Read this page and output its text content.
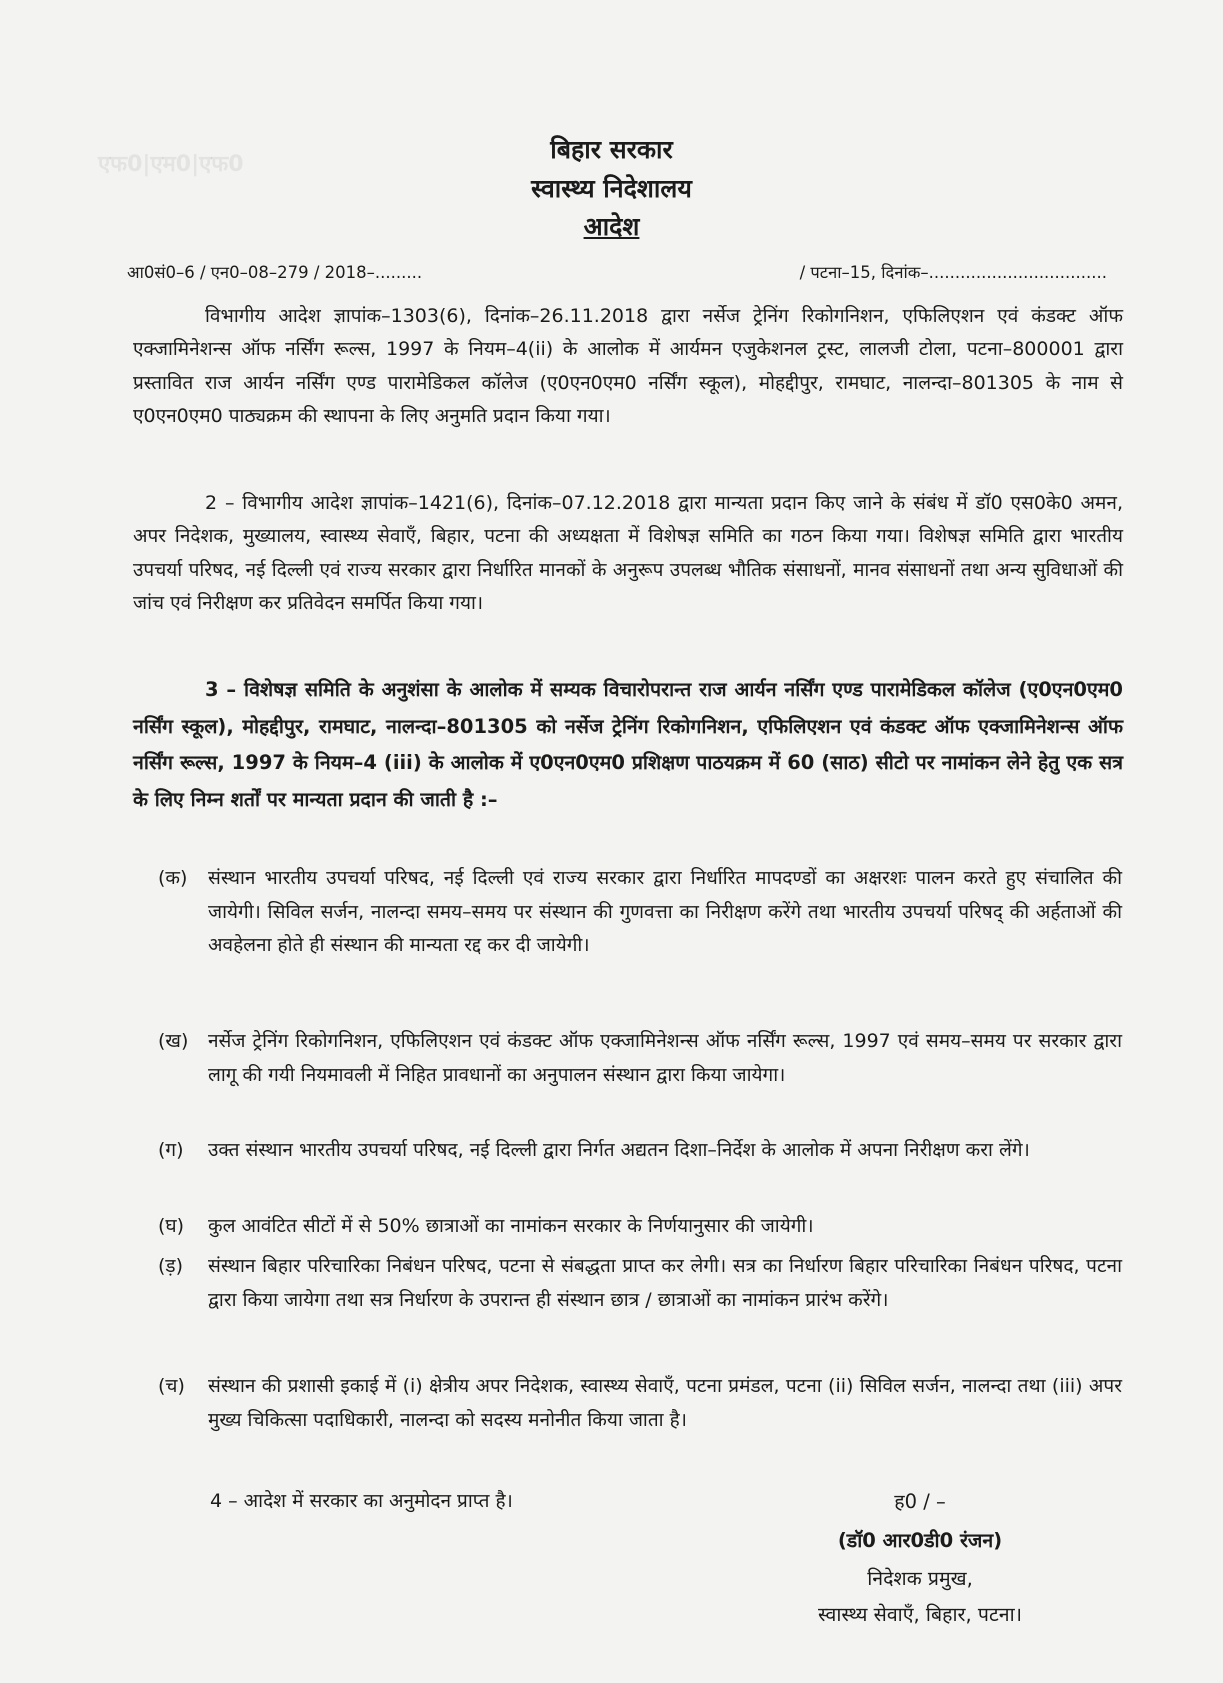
एफ0|एम0|एफ0
बिहार सरकार
स्वास्थ्य निदेशालय
आदेश
आ0सं0–6 / एन0–08–279 / 2018–.........	/ पटना–15, दिनांक–..................................
विभागीय आदेश ज्ञापांक–1303(6), दिनांक–26.11.2018 द्वारा नर्सेज ट्रेनिंग रिकोगनिशन, एफिलिएशन एवं कंडक्ट ऑफ एक्जामिनेशन्स ऑफ नर्सिंग रूल्स, 1997 के नियम–4(ii) के आलोक में आर्यमन एजुकेशनल ट्रस्ट, लालजी टोला, पटना–800001 द्वारा प्रस्तावित राज आर्यन नर्सिंग एण्ड पारामेडिकल कॉलेज (ए0एन0एम0 नर्सिंग स्कूल), मोहद्दीपुर, रामघाट, नालन्दा–801305 के नाम से ए0एन0एम0 पाठ्यक्रम की स्थापना के लिए अनुमति प्रदान किया गया।
2 – विभागीय आदेश ज्ञापांक–1421(6), दिनांक–07.12.2018 द्वारा मान्यता प्रदान किए जाने के संबंध में डॉ0 एस0के0 अमन, अपर निदेशक, मुख्यालय, स्वास्थ्य सेवाएँ, बिहार, पटना की अध्यक्षता में विशेषज्ञ समिति का गठन किया गया। विशेषज्ञ समिति द्वारा भारतीय उपचर्या परिषद, नई दिल्ली एवं राज्य सरकार द्वारा निर्धारित मानकों के अनुरूप उपलब्ध भौतिक संसाधनों, मानव संसाधनों तथा अन्य सुविधाओं की जांच एवं निरीक्षण कर प्रतिवेदन समर्पित किया गया।
3 – विशेषज्ञ समिति के अनुशंसा के आलोक में सम्यक विचारोपरान्त राज आर्यन नर्सिंग एण्ड पारामेडिकल कॉलेज (ए0एन0एम0 नर्सिंग स्कूल), मोहद्दीपुर, रामघाट, नालन्दा–801305 को नर्सेज ट्रेनिंग रिकोगनिशन, एफिलिएशन एवं कंडक्ट ऑफ एक्जामिनेशन्स ऑफ नर्सिंग रूल्स, 1997 के नियम–4 (iii) के आलोक में ए0एन0एम0 प्रशिक्षण पाठयक्रम में 60 (साठ) सीटो पर नामांकन लेने हेतु एक सत्र के लिए निम्न शर्तों पर मान्यता प्रदान की जाती है :–
(क)	संस्थान भारतीय उपचर्या परिषद, नई दिल्ली एवं राज्य सरकार द्वारा निर्धारित मापदण्डों का अक्षरशः पालन करते हुए संचालित की जायेगी। सिविल सर्जन, नालन्दा समय–समय पर संस्थान की गुणवत्ता का निरीक्षण करेंगे तथा भारतीय उपचर्या परिषद् की अर्हताओं की अवहेलना होते ही संस्थान की मान्यता रद्द कर दी जायेगी।
(ख)	नर्सेज ट्रेनिंग रिकोगनिशन, एफिलिएशन एवं कंडक्ट ऑफ एक्जामिनेशन्स ऑफ नर्सिंग रूल्स, 1997 एवं समय–समय पर सरकार द्वारा लागू की गयी नियमावली में निहित प्रावधानों का अनुपालन संस्थान द्वारा किया जायेगा।
(ग)	उक्त संस्थान भारतीय उपचर्या परिषद, नई दिल्ली द्वारा निर्गत अद्यतन दिशा–निर्देश के आलोक में अपना निरीक्षण करा लेंगे।
(घ)	कुल आवंटित सीटों में से 50% छात्राओं का नामांकन सरकार के निर्णयानुसार की जायेगी।
(ड़)	संस्थान बिहार परिचारिका निबंधन परिषद, पटना से संबद्धता प्राप्त कर लेगी। सत्र का निर्धारण बिहार परिचारिका निबंधन परिषद, पटना द्वारा किया जायेगा तथा सत्र निर्धारण के उपरान्त ही संस्थान छात्र / छात्राओं का नामांकन प्रारंभ करेंगे।
(च)	संस्थान की प्रशासी इकाई में (i) क्षेत्रीय अपर निदेशक, स्वास्थ्य सेवाएँ, पटना प्रमंडल, पटना (ii) सिविल सर्जन, नालन्दा तथा (iii) अपर मुख्य चिकित्सा पदाधिकारी, नालन्दा को सदस्य मनोनीत किया जाता है।
4 – आदेश में सरकार का अनुमोदन प्राप्त है।	ह0 / –
(डॉ0 आर0डी0 रंजन)
निदेशक प्रमुख,
स्वास्थ्य सेवाएँ, बिहार, पटना।
